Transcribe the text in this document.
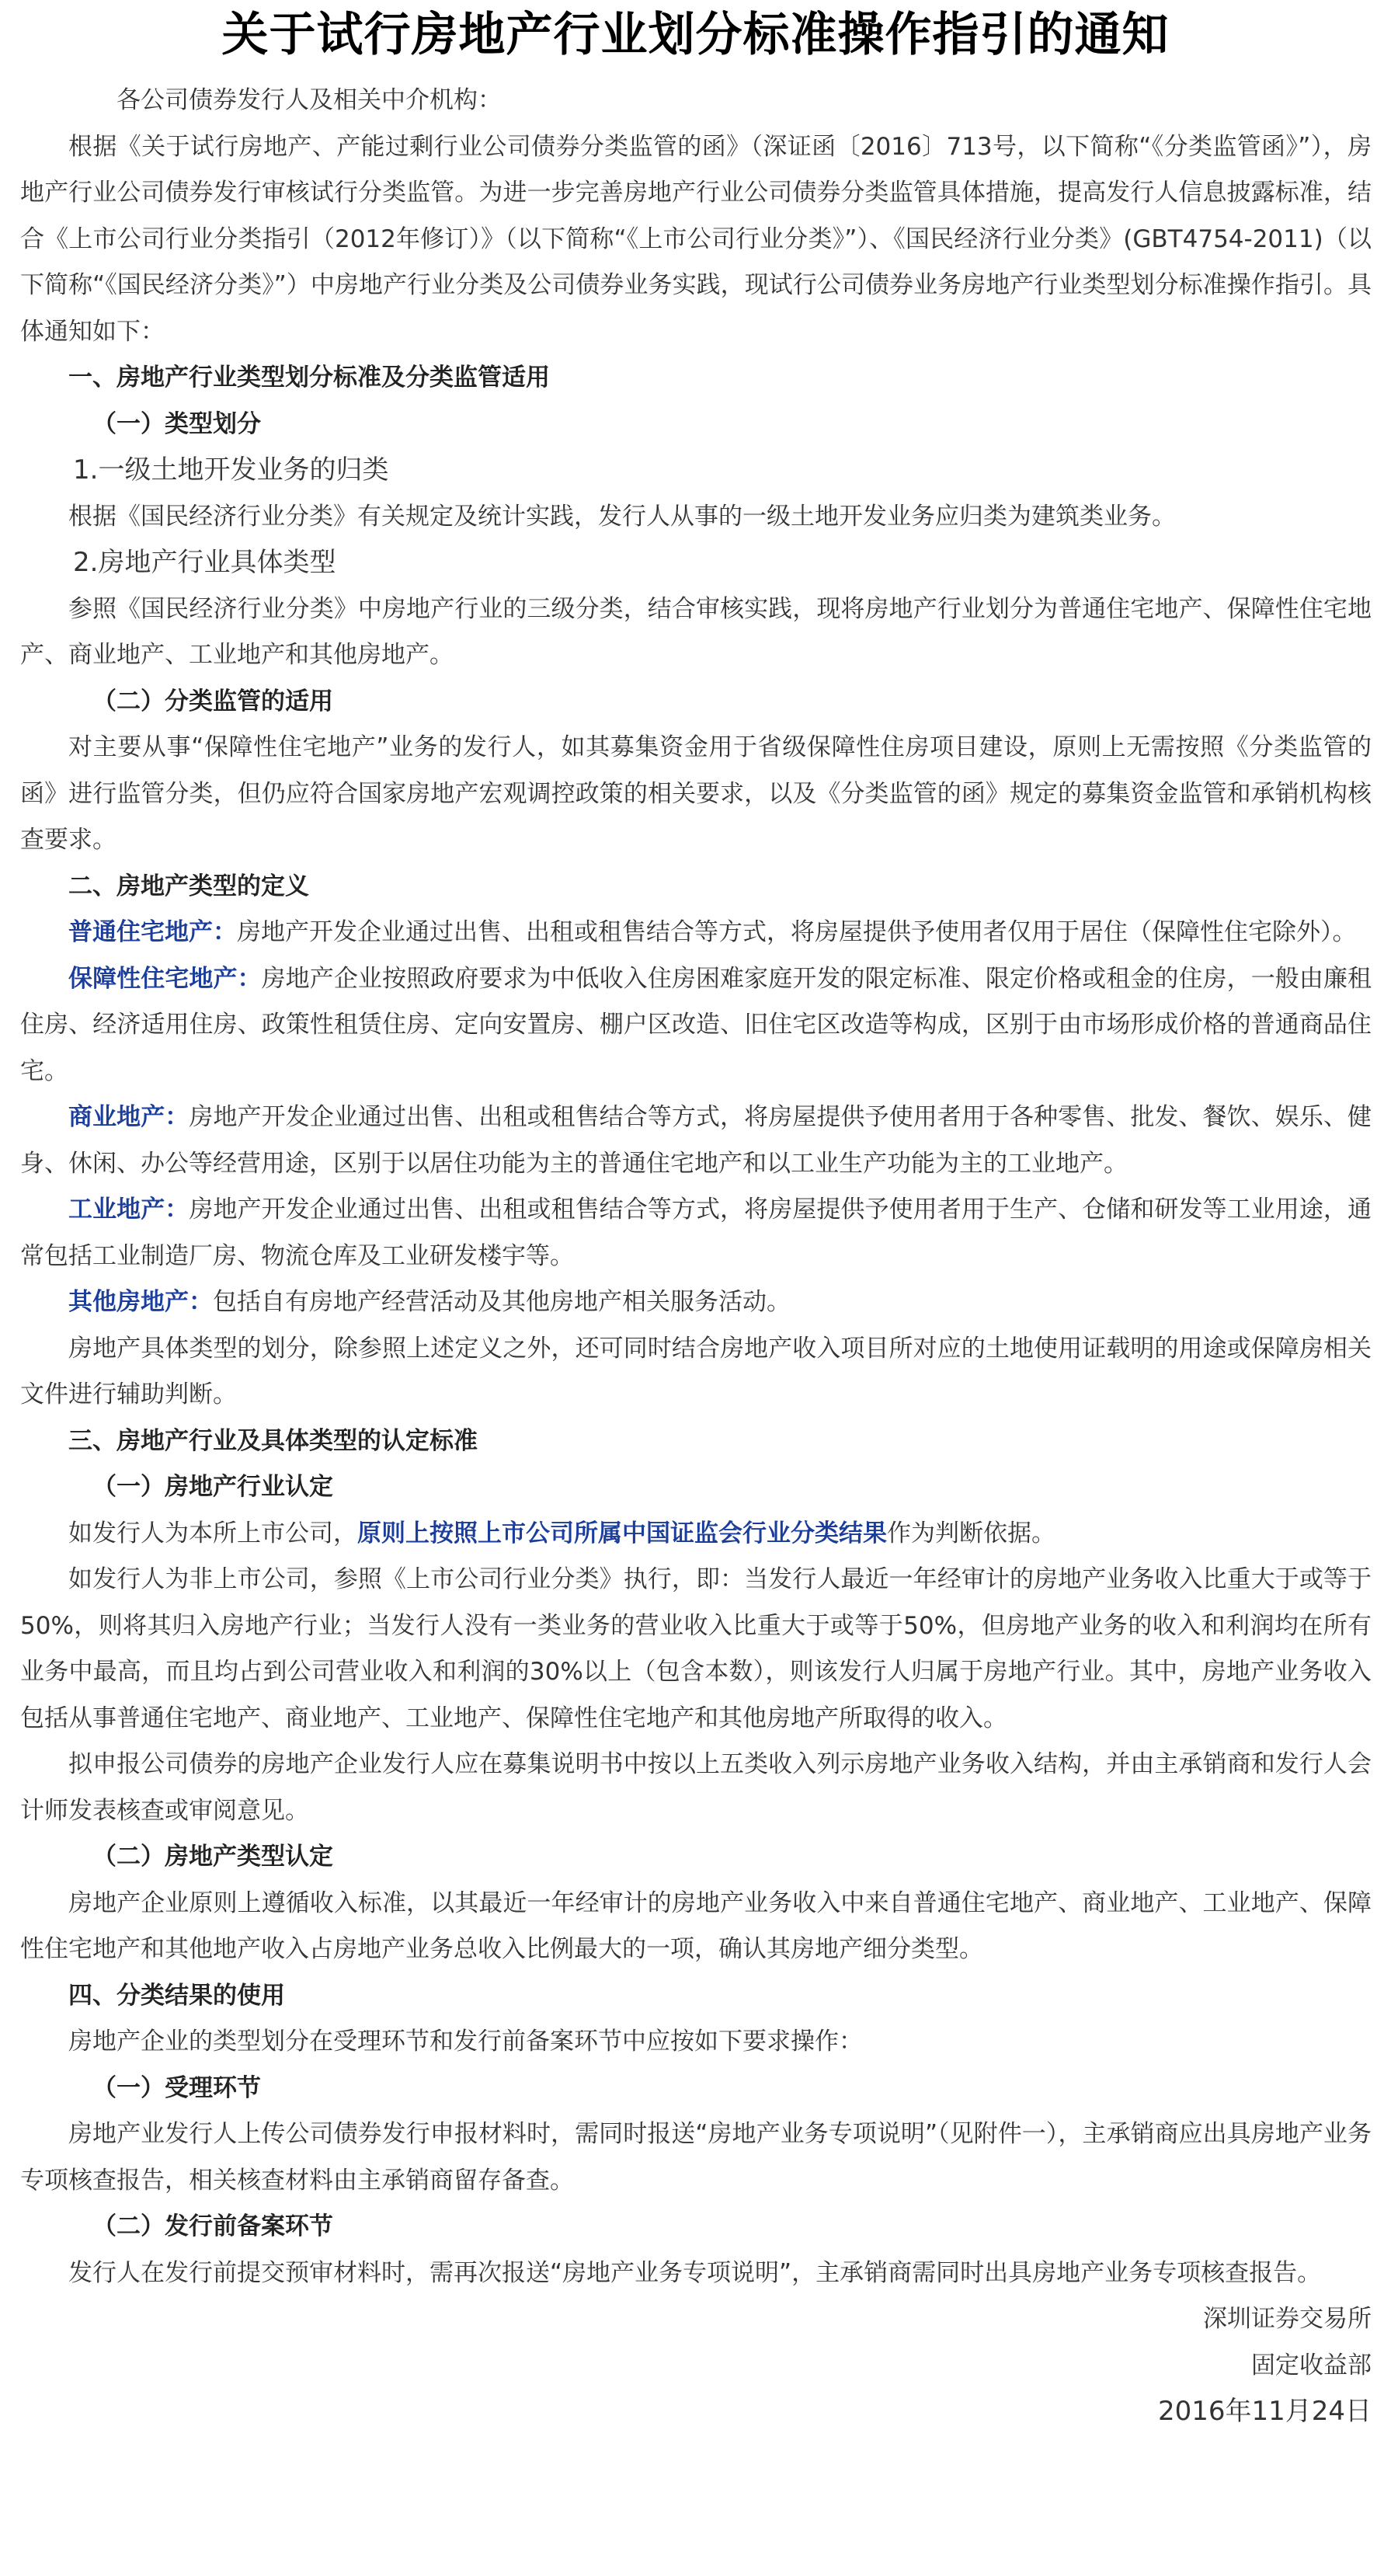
关于试行房地产行业划分标准操作指引的通知

各公司债券发行人及相关中介机构：

根据《关于试行房地产、产能过剩行业公司债券分类监管的函》（深证函〔2016〕713号，以下简称“《分类监管函》”），房地产行业公司债券发行审核试行分类监管。为进一步完善房地产行业公司债券分类监管具体措施，提高发行人信息披露标准，结合《上市公司行业分类指引（2012年修订）》（以下简称“《上市公司行业分类》”）、《国民经济行业分类》(GBT4754-2011)（以下简称“《国民经济分类》”）中房地产行业分类及公司债券业务实践，现试行公司债券业务房地产行业类型划分标准操作指引。具体通知如下：

一、房地产行业类型划分标准及分类监管适用

（一）类型划分

1.一级土地开发业务的归类

根据《国民经济行业分类》有关规定及统计实践，发行人从事的一级土地开发业务应归类为建筑类业务。

2.房地产行业具体类型

参照《国民经济行业分类》中房地产行业的三级分类，结合审核实践，现将房地产行业划分为普通住宅地产、保障性住宅地产、商业地产、工业地产和其他房地产。

（二）分类监管的适用

对主要从事“保障性住宅地产”业务的发行人，如其募集资金用于省级保障性住房项目建设，原则上无需按照《分类监管的函》进行监管分类，但仍应符合国家房地产宏观调控政策的相关要求，以及《分类监管的函》规定的募集资金监管和承销机构核查要求。

二、房地产类型的定义

普通住宅地产：房地产开发企业通过出售、出租或租售结合等方式，将房屋提供予使用者仅用于居住（保障性住宅除外）。

保障性住宅地产：房地产企业按照政府要求为中低收入住房困难家庭开发的限定标准、限定价格或租金的住房，一般由廉租住房、经济适用住房、政策性租赁住房、定向安置房、棚户区改造、旧住宅区改造等构成，区别于由市场形成价格的普通商品住宅。

商业地产：房地产开发企业通过出售、出租或租售结合等方式，将房屋提供予使用者用于各种零售、批发、餐饮、娱乐、健身、休闲、办公等经营用途，区别于以居住功能为主的普通住宅地产和以工业生产功能为主的工业地产。

工业地产：房地产开发企业通过出售、出租或租售结合等方式，将房屋提供予使用者用于生产、仓储和研发等工业用途，通常包括工业制造厂房、物流仓库及工业研发楼宇等。

其他房地产：包括自有房地产经营活动及其他房地产相关服务活动。

房地产具体类型的划分，除参照上述定义之外，还可同时结合房地产收入项目所对应的土地使用证载明的用途或保障房相关文件进行辅助判断。

三、房地产行业及具体类型的认定标准

（一）房地产行业认定

如发行人为本所上市公司，原则上按照上市公司所属中国证监会行业分类结果作为判断依据。

如发行人为非上市公司，参照《上市公司行业分类》执行，即：当发行人最近一年经审计的房地产业务收入比重大于或等于50%，则将其归入房地产行业；当发行人没有一类业务的营业收入比重大于或等于50%，但房地产业务的收入和利润均在所有业务中最高，而且均占到公司营业收入和利润的30%以上（包含本数），则该发行人归属于房地产行业。其中，房地产业务收入包括从事普通住宅地产、商业地产、工业地产、保障性住宅地产和其他房地产所取得的收入。

拟申报公司债券的房地产企业发行人应在募集说明书中按以上五类收入列示房地产业务收入结构，并由主承销商和发行人会计师发表核查或审阅意见。

（二）房地产类型认定

房地产企业原则上遵循收入标准，以其最近一年经审计的房地产业务收入中来自普通住宅地产、商业地产、工业地产、保障性住宅地产和其他地产收入占房地产业务总收入比例最大的一项，确认其房地产细分类型。

四、分类结果的使用

房地产企业的类型划分在受理环节和发行前备案环节中应按如下要求操作：

（一）受理环节

房地产业发行人上传公司债券发行申报材料时，需同时报送“房地产业务专项说明”（见附件一），主承销商应出具房地产业务专项核查报告，相关核查材料由主承销商留存备查。

（二）发行前备案环节

发行人在发行前提交预审材料时，需再次报送“房地产业务专项说明”，主承销商需同时出具房地产业务专项核查报告。

深圳证券交易所

固定收益部

2016年11月24日
